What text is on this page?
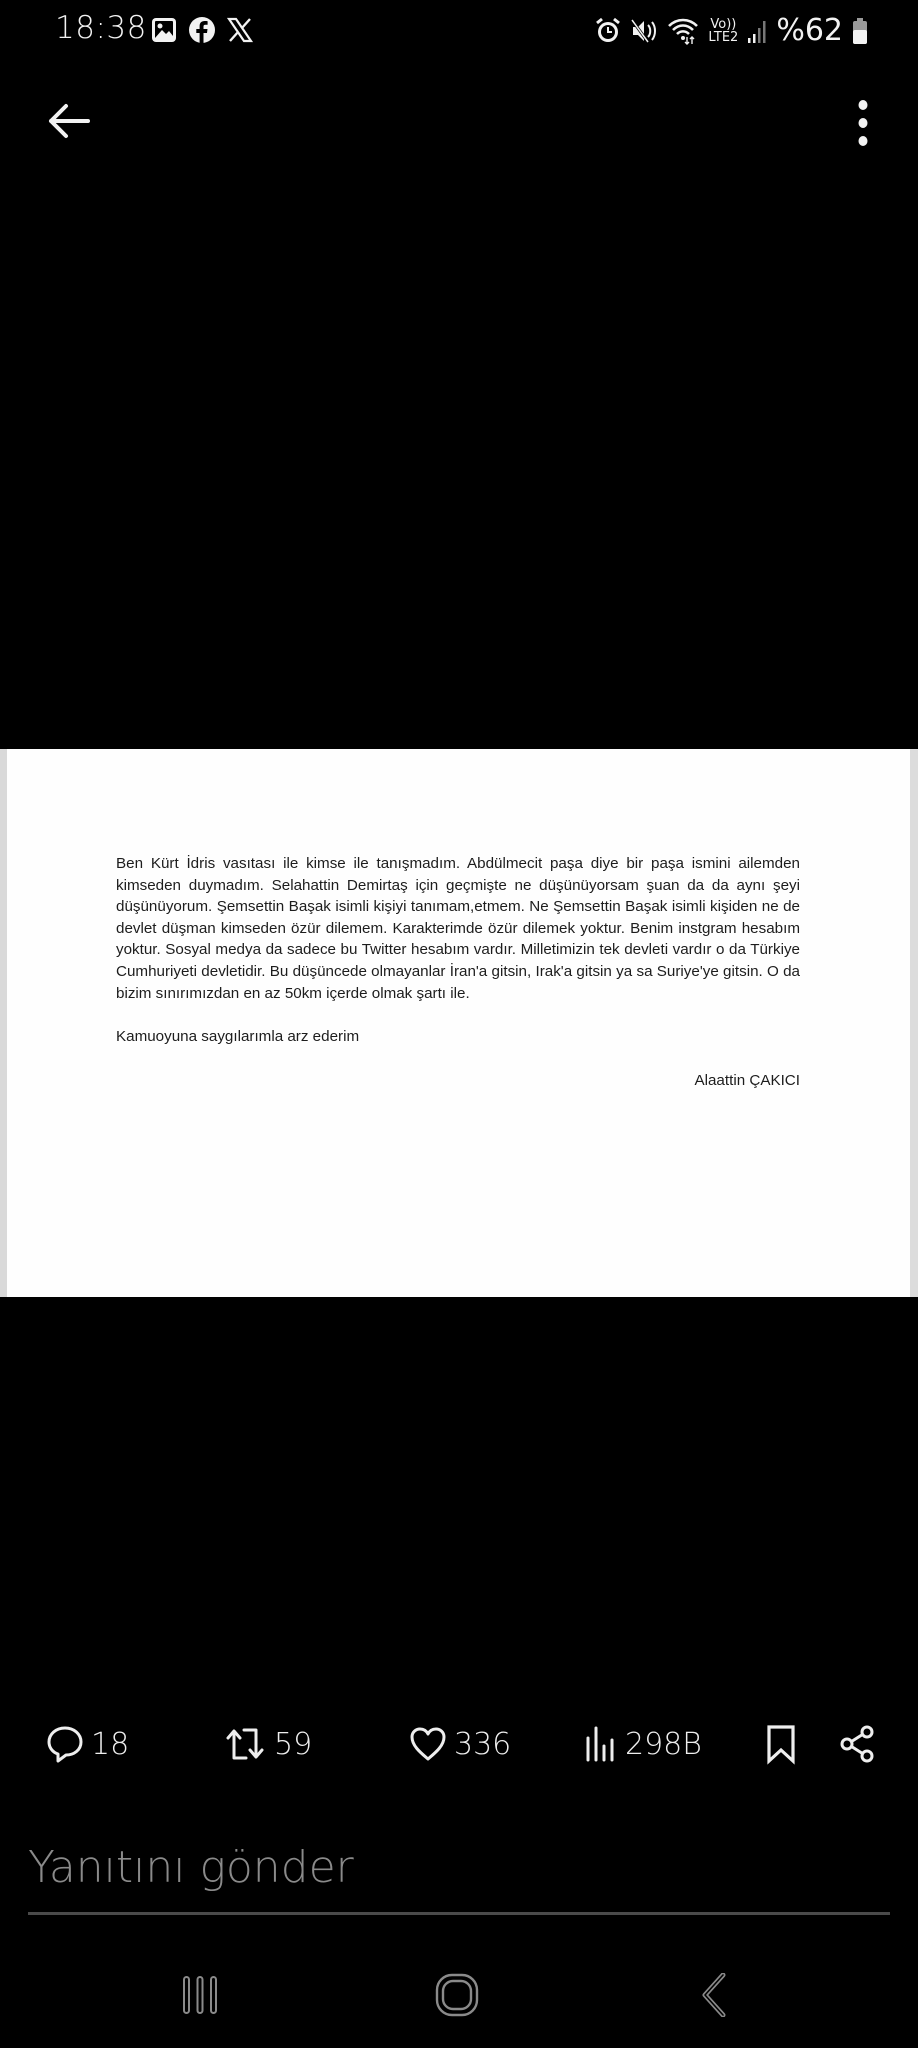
18:38	Vo))
LTE2 %62

Ben Kürt İdris vasıtası ile kimse ile tanışmadım. Abdülmecit paşa diye bir paşa ismini ailemden kimseden duymadım. Selahattin Demirtaş için geçmişte ne düşünüyorsam şuan da da aynı şeyi düşünüyorum. Şemsettin Başak isimli kişiyi tanımam,etmem. Ne Şemsettin Başak isimli kişiden ne de devlet düşman kimseden özür dilemem. Karakterimde özür dilemek yoktur. Benim instgram hesabım yoktur. Sosyal medya da sadece bu Twitter hesabım vardır. Milletimizin tek devleti vardır o da Türkiye Cumhuriyeti devletidir. Bu düşüncede olmayanlar İran'a gitsin, Irak'a gitsin ya sa Suriye'ye gitsin. O da bizim sınırımızdan en az 50km içerde olmak şartı ile.

Kamuoyuna saygılarımla arz ederim

Alaattin ÇAKICI

18	59	336	298B
Yanıtını gönder
